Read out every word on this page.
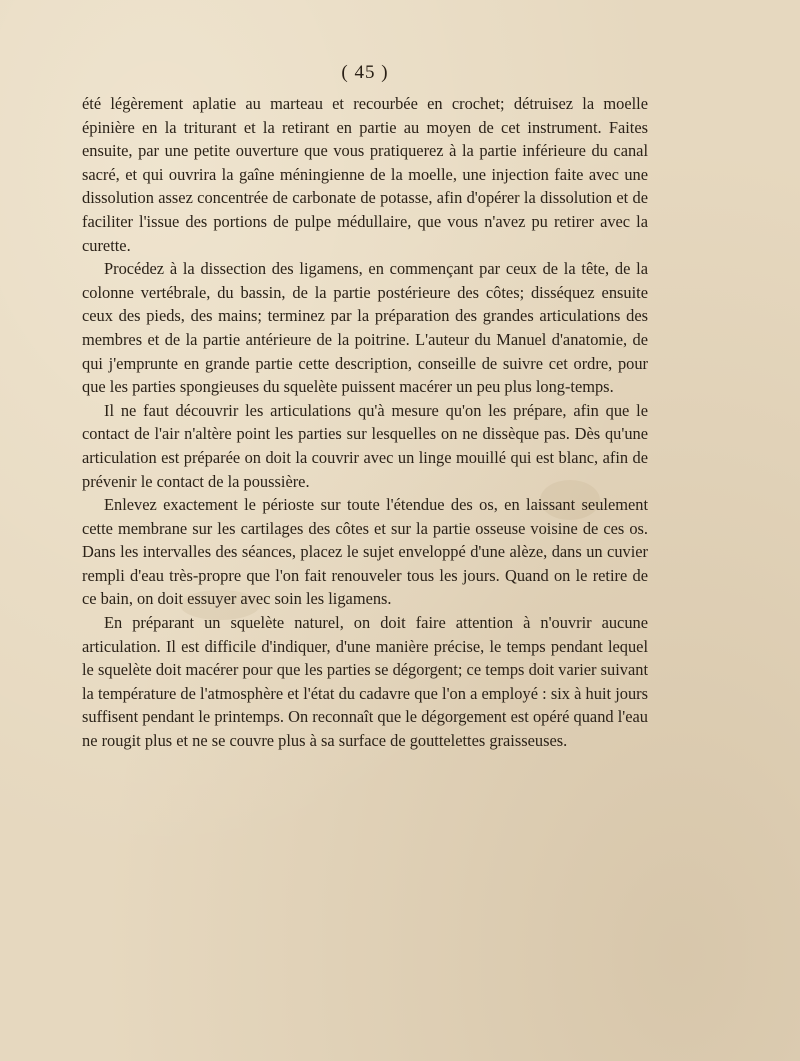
( 45 )

été légèrement aplatie au marteau et recourbée en crochet; détruisez la moelle épinière en la triturant et la retirant en partie au moyen de cet instrument. Faites ensuite, par une petite ouverture que vous pratiquerez à la partie inférieure du canal sacré, et qui ouvrira la gaîne méningienne de la moelle, une injection faite avec une dissolution assez concentrée de carbonate de potasse, afin d'opérer la dissolution et de faciliter l'issue des portions de pulpe médullaire, que vous n'avez pu retirer avec la curette.

Procédez à la dissection des ligamens, en commençant par ceux de la tête, de la colonne vertébrale, du bassin, de la partie postérieure des côtes; disséquez ensuite ceux des pieds, des mains; terminez par la préparation des grandes articulations des membres et de la partie antérieure de la poitrine. L'auteur du Manuel d'anatomie, de qui j'emprunte en grande partie cette description, conseille de suivre cet ordre, pour que les parties spongieuses du squelète puissent macérer un peu plus long-temps.

Il ne faut découvrir les articulations qu'à mesure qu'on les prépare, afin que le contact de l'air n'altère point les parties sur lesquelles on ne dissèque pas. Dès qu'une articulation est préparée on doit la couvrir avec un linge mouillé qui est blanc, afin de prévenir le contact de la poussière.

Enlevez exactement le périoste sur toute l'étendue des os, en laissant seulement cette membrane sur les cartilages des côtes et sur la partie osseuse voisine de ces os. Dans les intervalles des séances, placez le sujet enveloppé d'une alèze, dans un cuvier rempli d'eau très-propre que l'on fait renouveler tous les jours. Quand on le retire de ce bain, on doit essuyer avec soin les ligamens.

En préparant un squelète naturel, on doit faire attention à n'ouvrir aucune articulation. Il est difficile d'indiquer, d'une manière précise, le temps pendant lequel le squelète doit macérer pour que les parties se dégorgent; ce temps doit varier suivant la température de l'atmosphère et l'état du cadavre que l'on a employé : six à huit jours suffisent pendant le printemps. On reconnaît que le dégorgement est opéré quand l'eau ne rougit plus et ne se couvre plus à sa surface de gouttelettes graisseuses.
